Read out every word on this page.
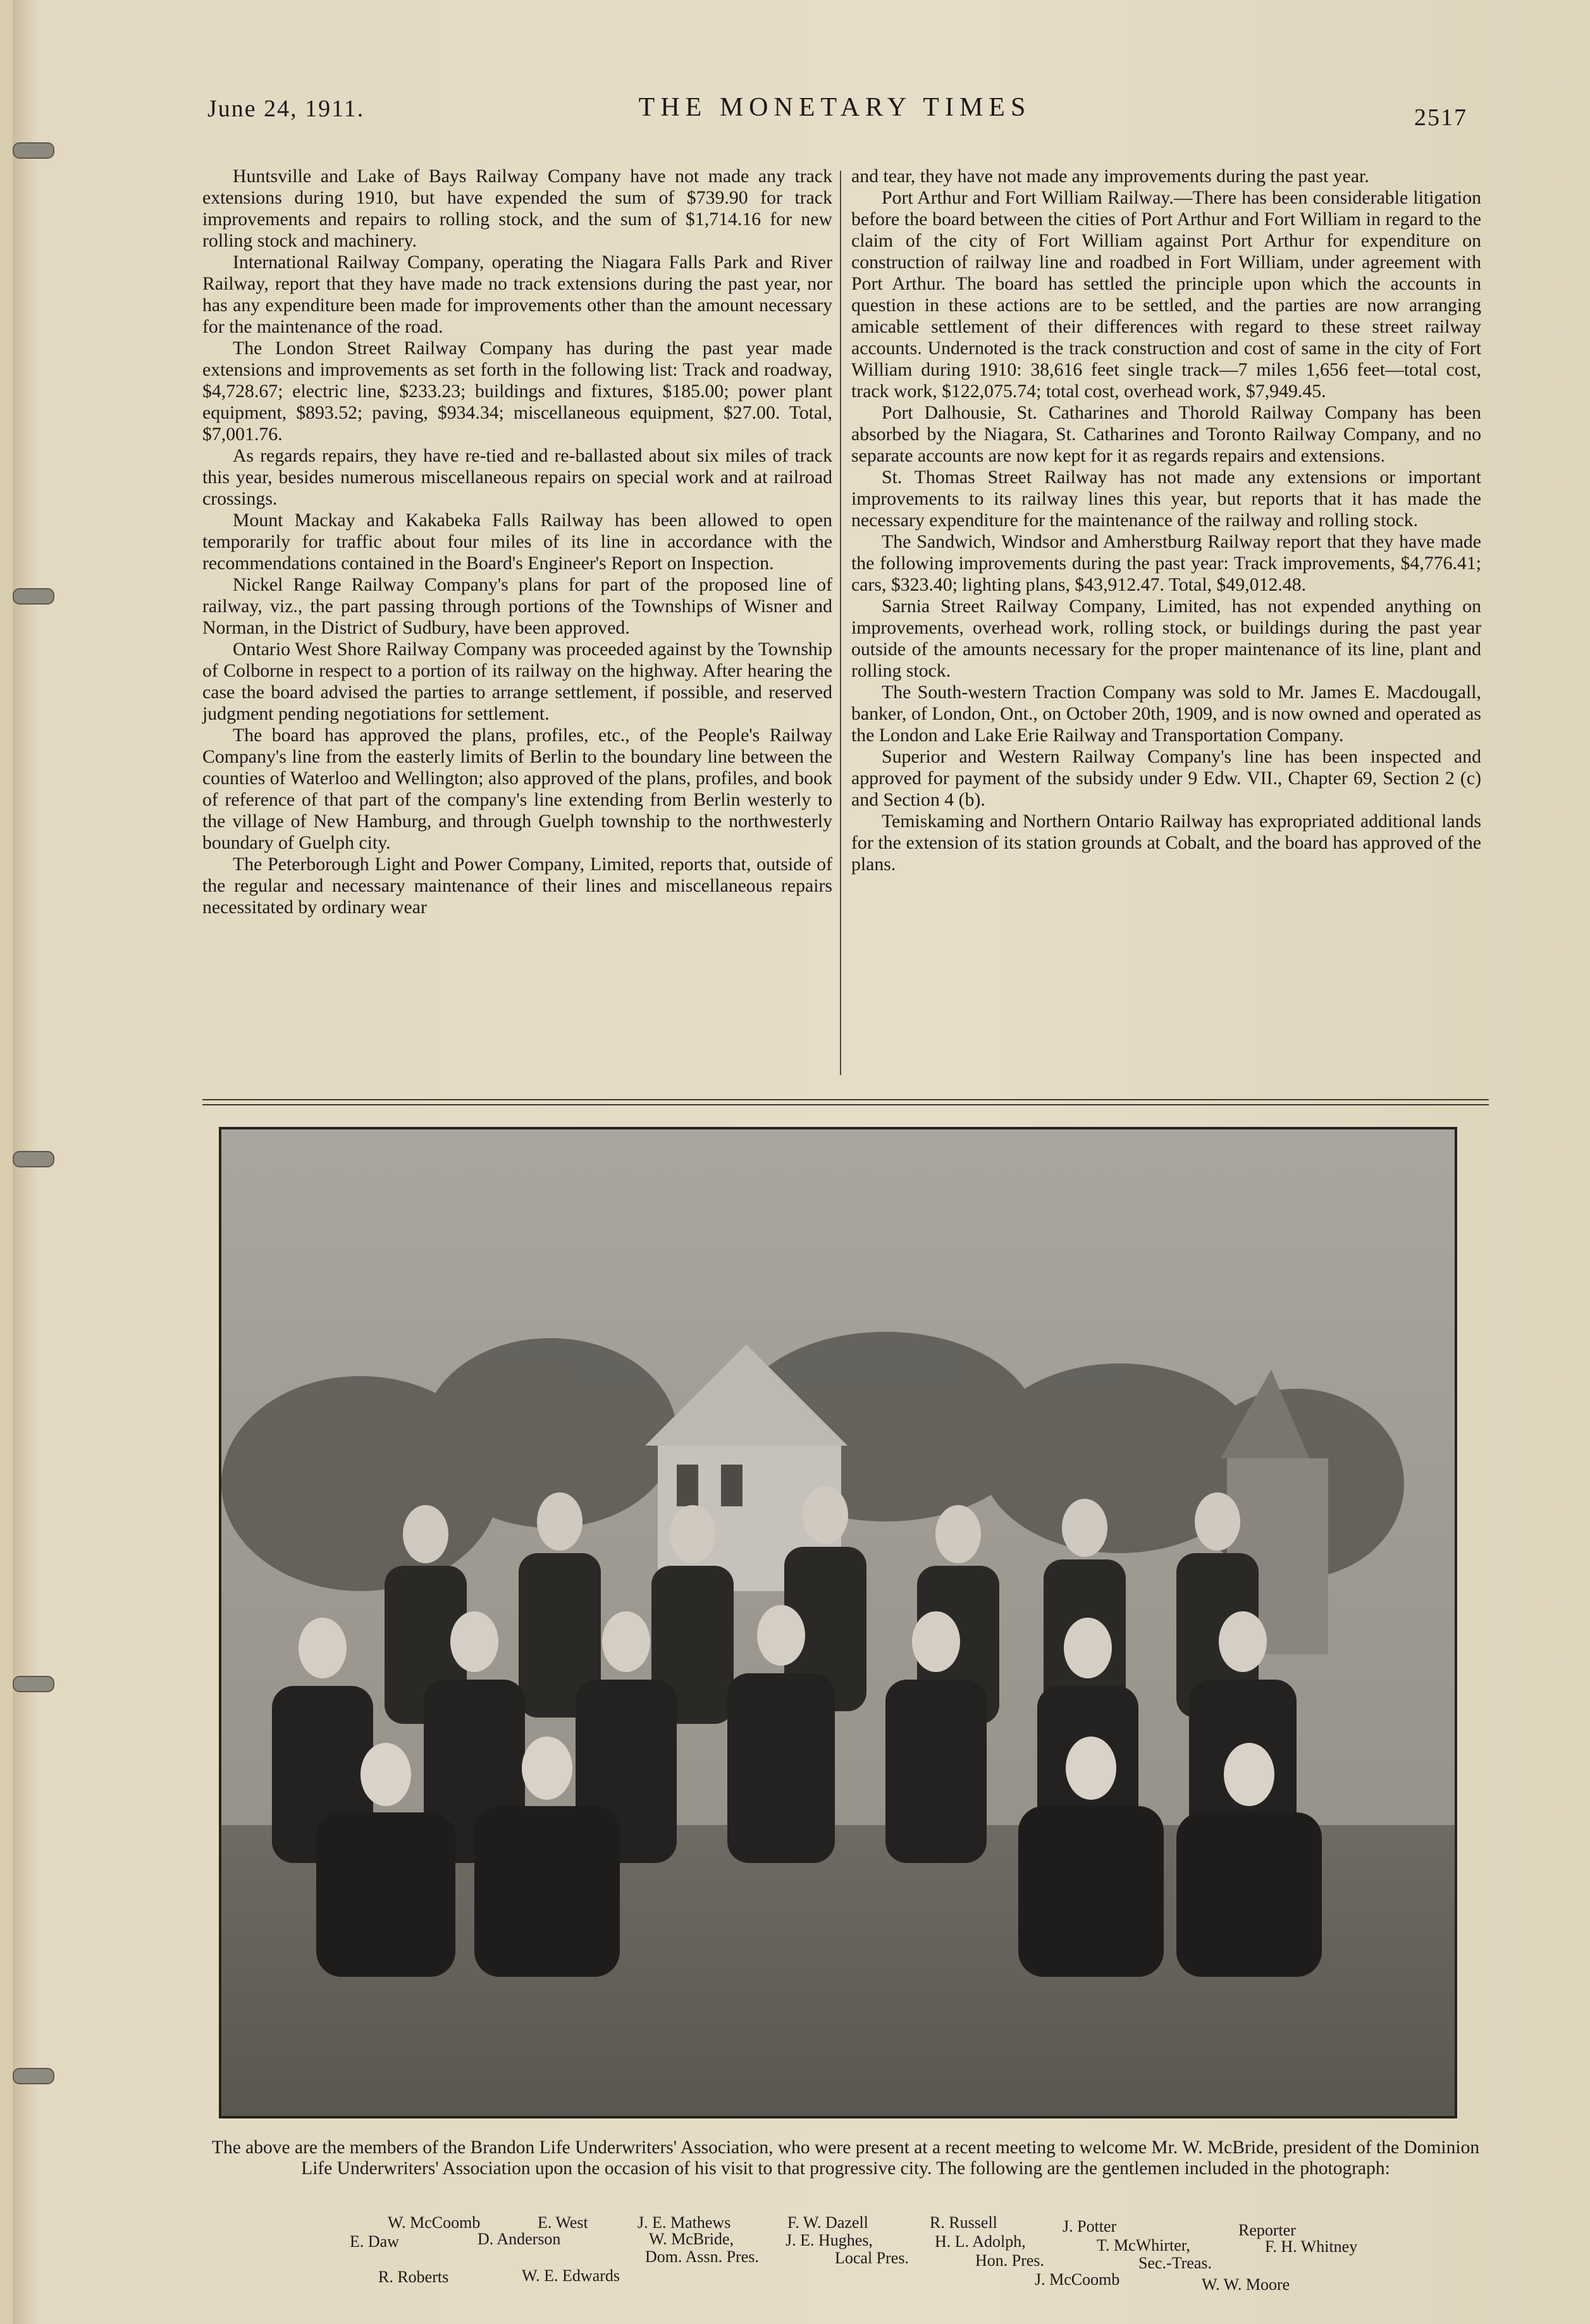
June 24, 1911.	THE MONETARY TIMES	2517

Huntsville and Lake of Bays Railway Company have not made any track extensions during 1910, but have expended the sum of $739.90 for track improvements and repairs to rolling stock, and the sum of $1,714.16 for new rolling stock and machinery.

International Railway Company, operating the Niagara Falls Park and River Railway, report that they have made no track extensions during the past year, nor has any expenditure been made for improvements other than the amount necessary for the maintenance of the road.

The London Street Railway Company has during the past year made extensions and improvements as set forth in the following list: Track and roadway, $4,728.67; electric line, $233.23; buildings and fixtures, $185.00; power plant equipment, $893.52; paving, $934.34; miscellaneous equipment, $27.00. Total, $7,001.76.

As regards repairs, they have re-tied and re-ballasted about six miles of track this year, besides numerous miscellaneous repairs on special work and at railroad crossings.

Mount Mackay and Kakabeka Falls Railway has been allowed to open temporarily for traffic about four miles of its line in accordance with the recommendations contained in the Board's Engineer's Report on Inspection.

Nickel Range Railway Company's plans for part of the proposed line of railway, viz., the part passing through portions of the Townships of Wisner and Norman, in the District of Sudbury, have been approved.

Ontario West Shore Railway Company was proceeded against by the Township of Colborne in respect to a portion of its railway on the highway. After hearing the case the board advised the parties to arrange settlement, if possible, and reserved judgment pending negotiations for settlement.

The board has approved the plans, profiles, etc., of the People's Railway Company's line from the easterly limits of Berlin to the boundary line between the counties of Waterloo and Wellington; also approved of the plans, profiles, and book of reference of that part of the company's line extending from Berlin westerly to the village of New Hamburg, and through Guelph township to the northwesterly boundary of Guelph city.

The Peterborough Light and Power Company, Limited, reports that, outside of the regular and necessary maintenance of their lines and miscellaneous repairs necessitated by ordinary wear

and tear, they have not made any improvements during the past year.

Port Arthur and Fort William Railway.—There has been considerable litigation before the board between the cities of Port Arthur and Fort William in regard to the claim of the city of Fort William against Port Arthur for expenditure on construction of railway line and roadbed in Fort William, under agreement with Port Arthur. The board has settled the principle upon which the accounts in question in these actions are to be settled, and the parties are now arranging amicable settlement of their differences with regard to these street railway accounts. Undernoted is the track construction and cost of same in the city of Fort William during 1910: 38,616 feet single track—7 miles 1,656 feet—total cost, track work, $122,075.74; total cost, overhead work, $7,949.45.

Port Dalhousie, St. Catharines and Thorold Railway Company has been absorbed by the Niagara, St. Catharines and Toronto Railway Company, and no separate accounts are now kept for it as regards repairs and extensions.

St. Thomas Street Railway has not made any extensions or important improvements to its railway lines this year, but reports that it has made the necessary expenditure for the maintenance of the railway and rolling stock.

The Sandwich, Windsor and Amherstburg Railway report that they have made the following improvements during the past year: Track improvements, $4,776.41; cars, $323.40; lighting plans, $43,912.47. Total, $49,012.48.

Sarnia Street Railway Company, Limited, has not expended anything on improvements, overhead work, rolling stock, or buildings during the past year outside of the amounts necessary for the proper maintenance of its line, plant and rolling stock.

The South-western Traction Company was sold to Mr. James E. Macdougall, banker, of London, Ont., on October 20th, 1909, and is now owned and operated as the London and Lake Erie Railway and Transportation Company.

Superior and Western Railway Company's line has been inspected and approved for payment of the subsidy under 9 Edw. VII., Chapter 69, Section 2 (c) and Section 4 (b).

Temiskaming and Northern Ontario Railway has expropriated additional lands for the extension of its station grounds at Cobalt, and the board has approved of the plans.

The above are the members of the Brandon Life Underwriters' Association, who were present at a recent meeting to welcome Mr. W. McBride, president of the Dominion Life Underwriters' Association upon the occasion of his visit to that progressive city. The following are the gentlemen included in the photograph:
W. McCoomb	E. West	J. E. Mathews	F. W. Dazell	R. Russell	J. Potter	Reporter
E. Daw	D. Anderson	W. McBride,	J. E. Hughes,	H. L. Adolph,	T. McWhirter,	F. H. Whitney
Dom. Assn. Pres.	Local Pres.	Hon. Pres.	Sec.-Treas.
R. Roberts	W. E. Edwards	J. McCoomb	W. W. Moore
